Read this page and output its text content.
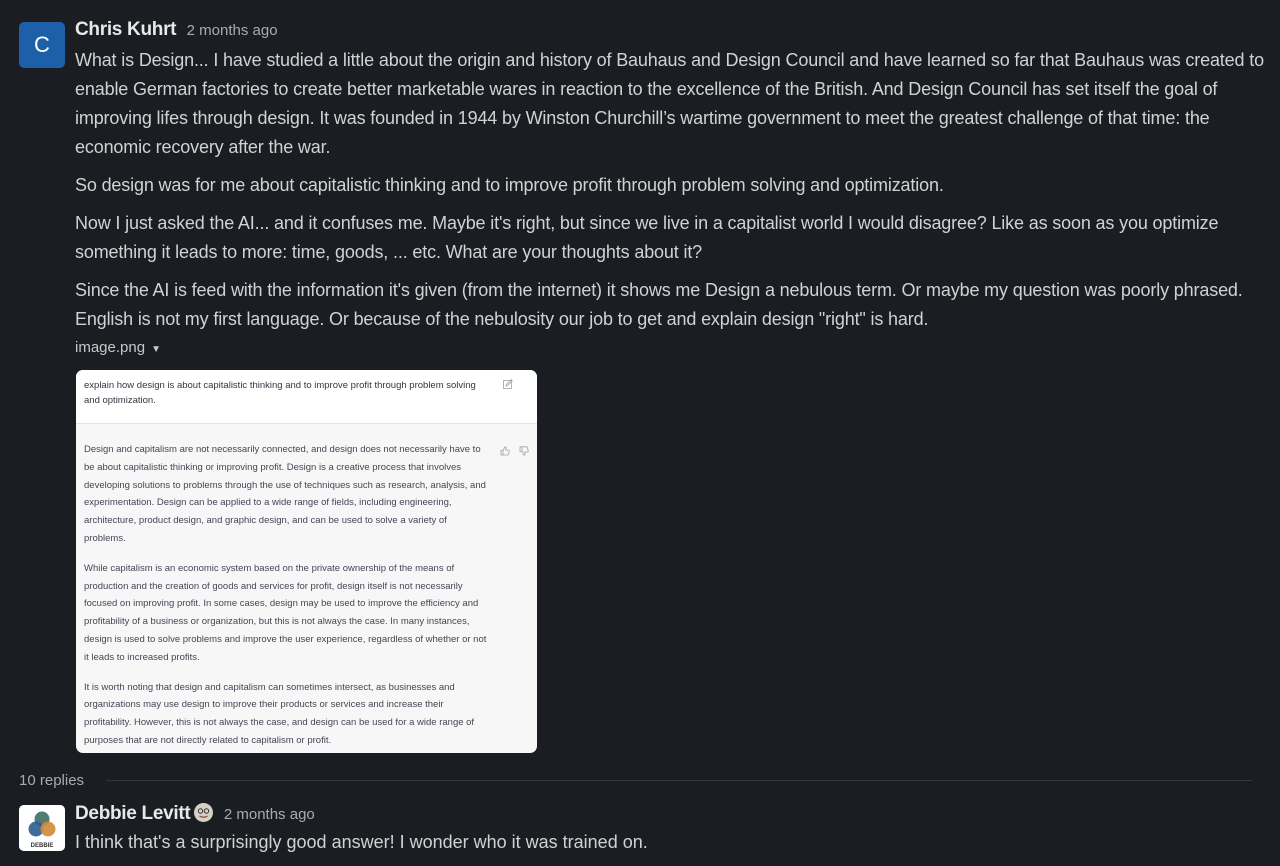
C
Chris Kuhrt 2 months ago

What is Design... I have studied a little about the origin and history of Bauhaus and Design Council and have learned so far that Bauhaus was created to enable German factories to create better marketable wares in reaction to the excellence of the British. And Design Council has set itself the goal of improving lifes through design. It was founded in 1944 by Winston Churchill’s wartime government to meet the greatest challenge of that time: the economic recovery after the war.

So design was for me about capitalistic thinking and to improve profit through problem solving and optimization.

Now I just asked the AI... and it confuses me. Maybe it's right, but since we live in a capitalist world I would disagree? Like as soon as you optimize something it leads to more: time, goods, ... etc. What are your thoughts about it?

Since the AI is feed with the information it's given (from the internet) it shows me Design a nebulous term. Or maybe my question was poorly phrased. English is not my first language. Or because of the nebulosity our job to get and explain design "right" is hard.

image.png ▼
explain how design is about capitalistic thinking and to improve profit through problem solving and optimization.

Design and capitalism are not necessarily connected, and design does not necessarily have to be about capitalistic thinking or improving profit. Design is a creative process that involves developing solutions to problems through the use of techniques such as research, analysis, and experimentation. Design can be applied to a wide range of fields, including engineering, architecture, product design, and graphic design, and can be used to solve a variety of problems.

While capitalism is an economic system based on the private ownership of the means of production and the creation of goods and services for profit, design itself is not necessarily focused on improving profit. In some cases, design may be used to improve the efficiency and profitability of a business or organization, but this is not always the case. In many instances, design is used to solve problems and improve the user experience, regardless of whether or not it leads to increased profits.

It is worth noting that design and capitalism can sometimes intersect, as businesses and organizations may use design to improve their products or services and increase their profitability. However, this is not always the case, and design can be used for a wide range of purposes that are not directly related to capitalism or profit.

10 replies
DEBBIE
Debbie Levitt 2 months ago
I think that's a surprisingly good answer! I wonder who it was trained on.
